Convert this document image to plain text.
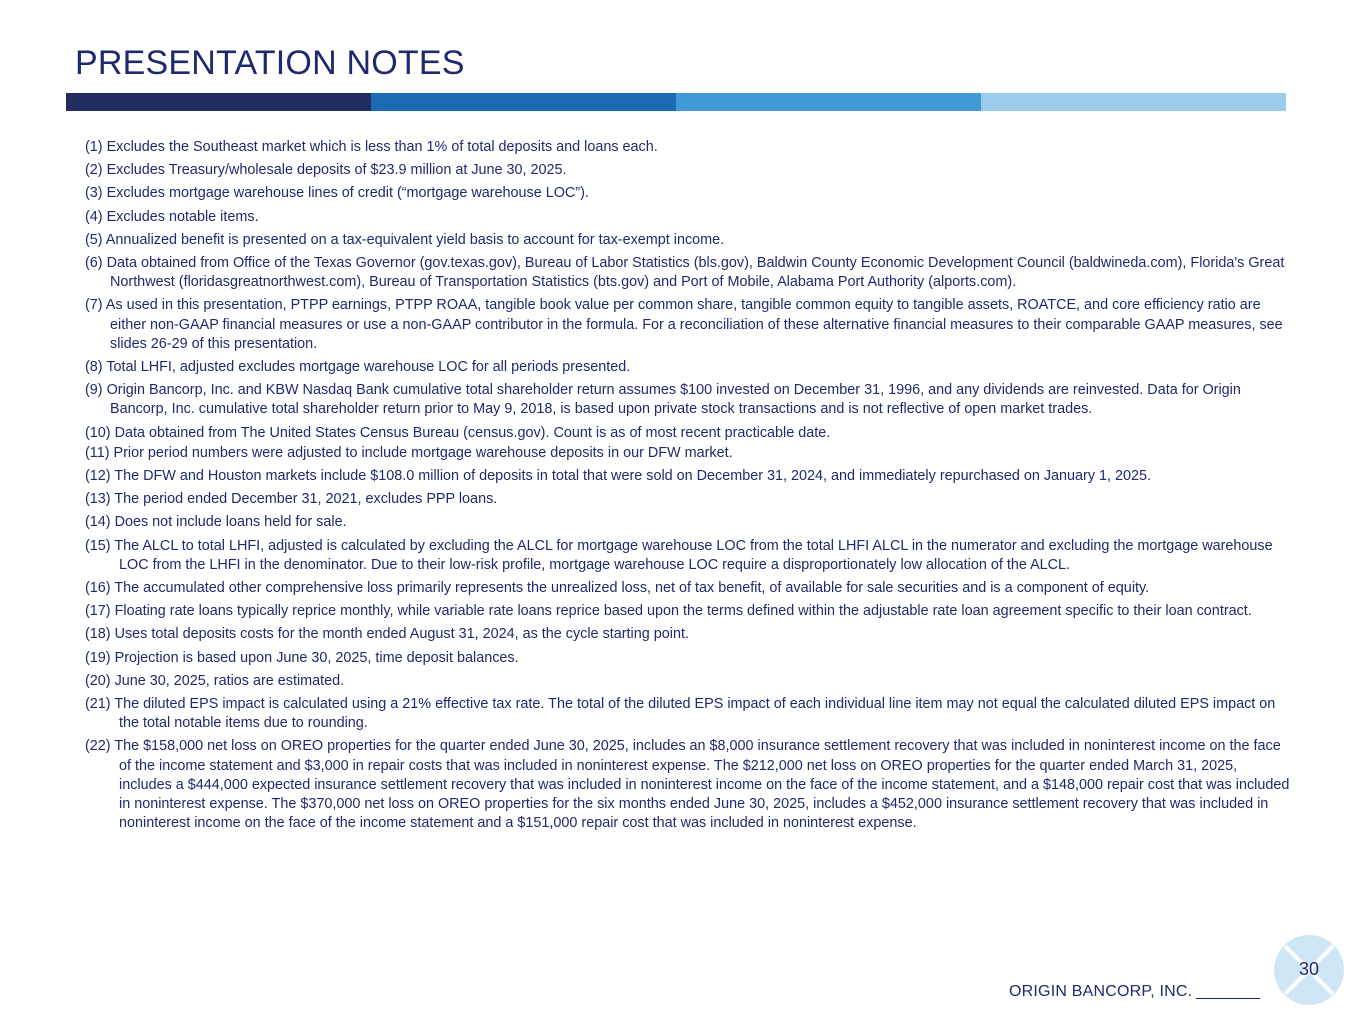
PRESENTATION NOTES
(1) Excludes the Southeast market which is less than 1% of total deposits and loans each.
(2) Excludes Treasury/wholesale deposits of $23.9 million at June 30, 2025.
(3) Excludes mortgage warehouse lines of credit (“mortgage warehouse LOC”).
(4) Excludes notable items.
(5) Annualized benefit is presented on a tax-equivalent yield basis to account for tax-exempt income.
(6) Data obtained from Office of the Texas Governor (gov.texas.gov), Bureau of Labor Statistics (bls.gov), Baldwin County Economic Development Council (baldwineda.com), Florida's Great Northwest (floridasgreatnorthwest.com), Bureau of Transportation Statistics (bts.gov) and Port of Mobile, Alabama Port Authority (alports.com).
(7) As used in this presentation, PTPP earnings, PTPP ROAA, tangible book value per common share, tangible common equity to tangible assets, ROATCE, and core efficiency ratio are either non-GAAP financial measures or use a non-GAAP contributor in the formula. For a reconciliation of these alternative financial measures to their comparable GAAP measures, see slides 26-29 of this presentation.
(8) Total LHFI, adjusted excludes mortgage warehouse LOC for all periods presented.
(9) Origin Bancorp, Inc. and KBW Nasdaq Bank cumulative total shareholder return assumes $100 invested on December 31, 1996, and any dividends are reinvested. Data for Origin Bancorp, Inc. cumulative total shareholder return prior to May 9, 2018, is based upon private stock transactions and is not reflective of open market trades.
(10) Data obtained from The United States Census Bureau (census.gov). Count is as of most recent practicable date.
(11) Prior period numbers were adjusted to include mortgage warehouse deposits in our DFW market.
(12) The DFW and Houston markets include $108.0 million of deposits in total that were sold on December 31, 2024, and immediately repurchased on January 1, 2025.
(13) The period ended December 31, 2021, excludes PPP loans.
(14) Does not include loans held for sale.
(15) The ALCL to total LHFI, adjusted is calculated by excluding the ALCL for mortgage warehouse LOC from the total LHFI ALCL in the numerator and excluding the mortgage warehouse LOC from the LHFI in the denominator. Due to their low-risk profile, mortgage warehouse LOC require a disproportionately low allocation of the ALCL.
(16) The accumulated other comprehensive loss primarily represents the unrealized loss, net of tax benefit, of available for sale securities and is a component of equity.
(17) Floating rate loans typically reprice monthly, while variable rate loans reprice based upon the terms defined within the adjustable rate loan agreement specific to their loan contract.
(18) Uses total deposits costs for the month ended August 31, 2024, as the cycle starting point.
(19) Projection is based upon June 30, 2025, time deposit balances.
(20) June 30, 2025, ratios are estimated.
(21) The diluted EPS impact is calculated using a 21% effective tax rate. The total of the diluted EPS impact of each individual line item may not equal the calculated diluted EPS impact on the total notable items due to rounding.
(22) The $158,000 net loss on OREO properties for the quarter ended June 30, 2025, includes an $8,000 insurance settlement recovery that was included in noninterest income on the face of the income statement and $3,000 in repair costs that was included in noninterest expense. The $212,000 net loss on OREO properties for the quarter ended March 31, 2025, includes a $444,000 expected insurance settlement recovery that was included in noninterest income on the face of the income statement, and a $148,000 repair cost that was included in noninterest expense. The $370,000 net loss on OREO properties for the six months ended June 30, 2025, includes a $452,000 insurance settlement recovery that was included in noninterest income on the face of the income statement and a $151,000 repair cost that was included in noninterest expense.
ORIGIN BANCORP, INC.
30
